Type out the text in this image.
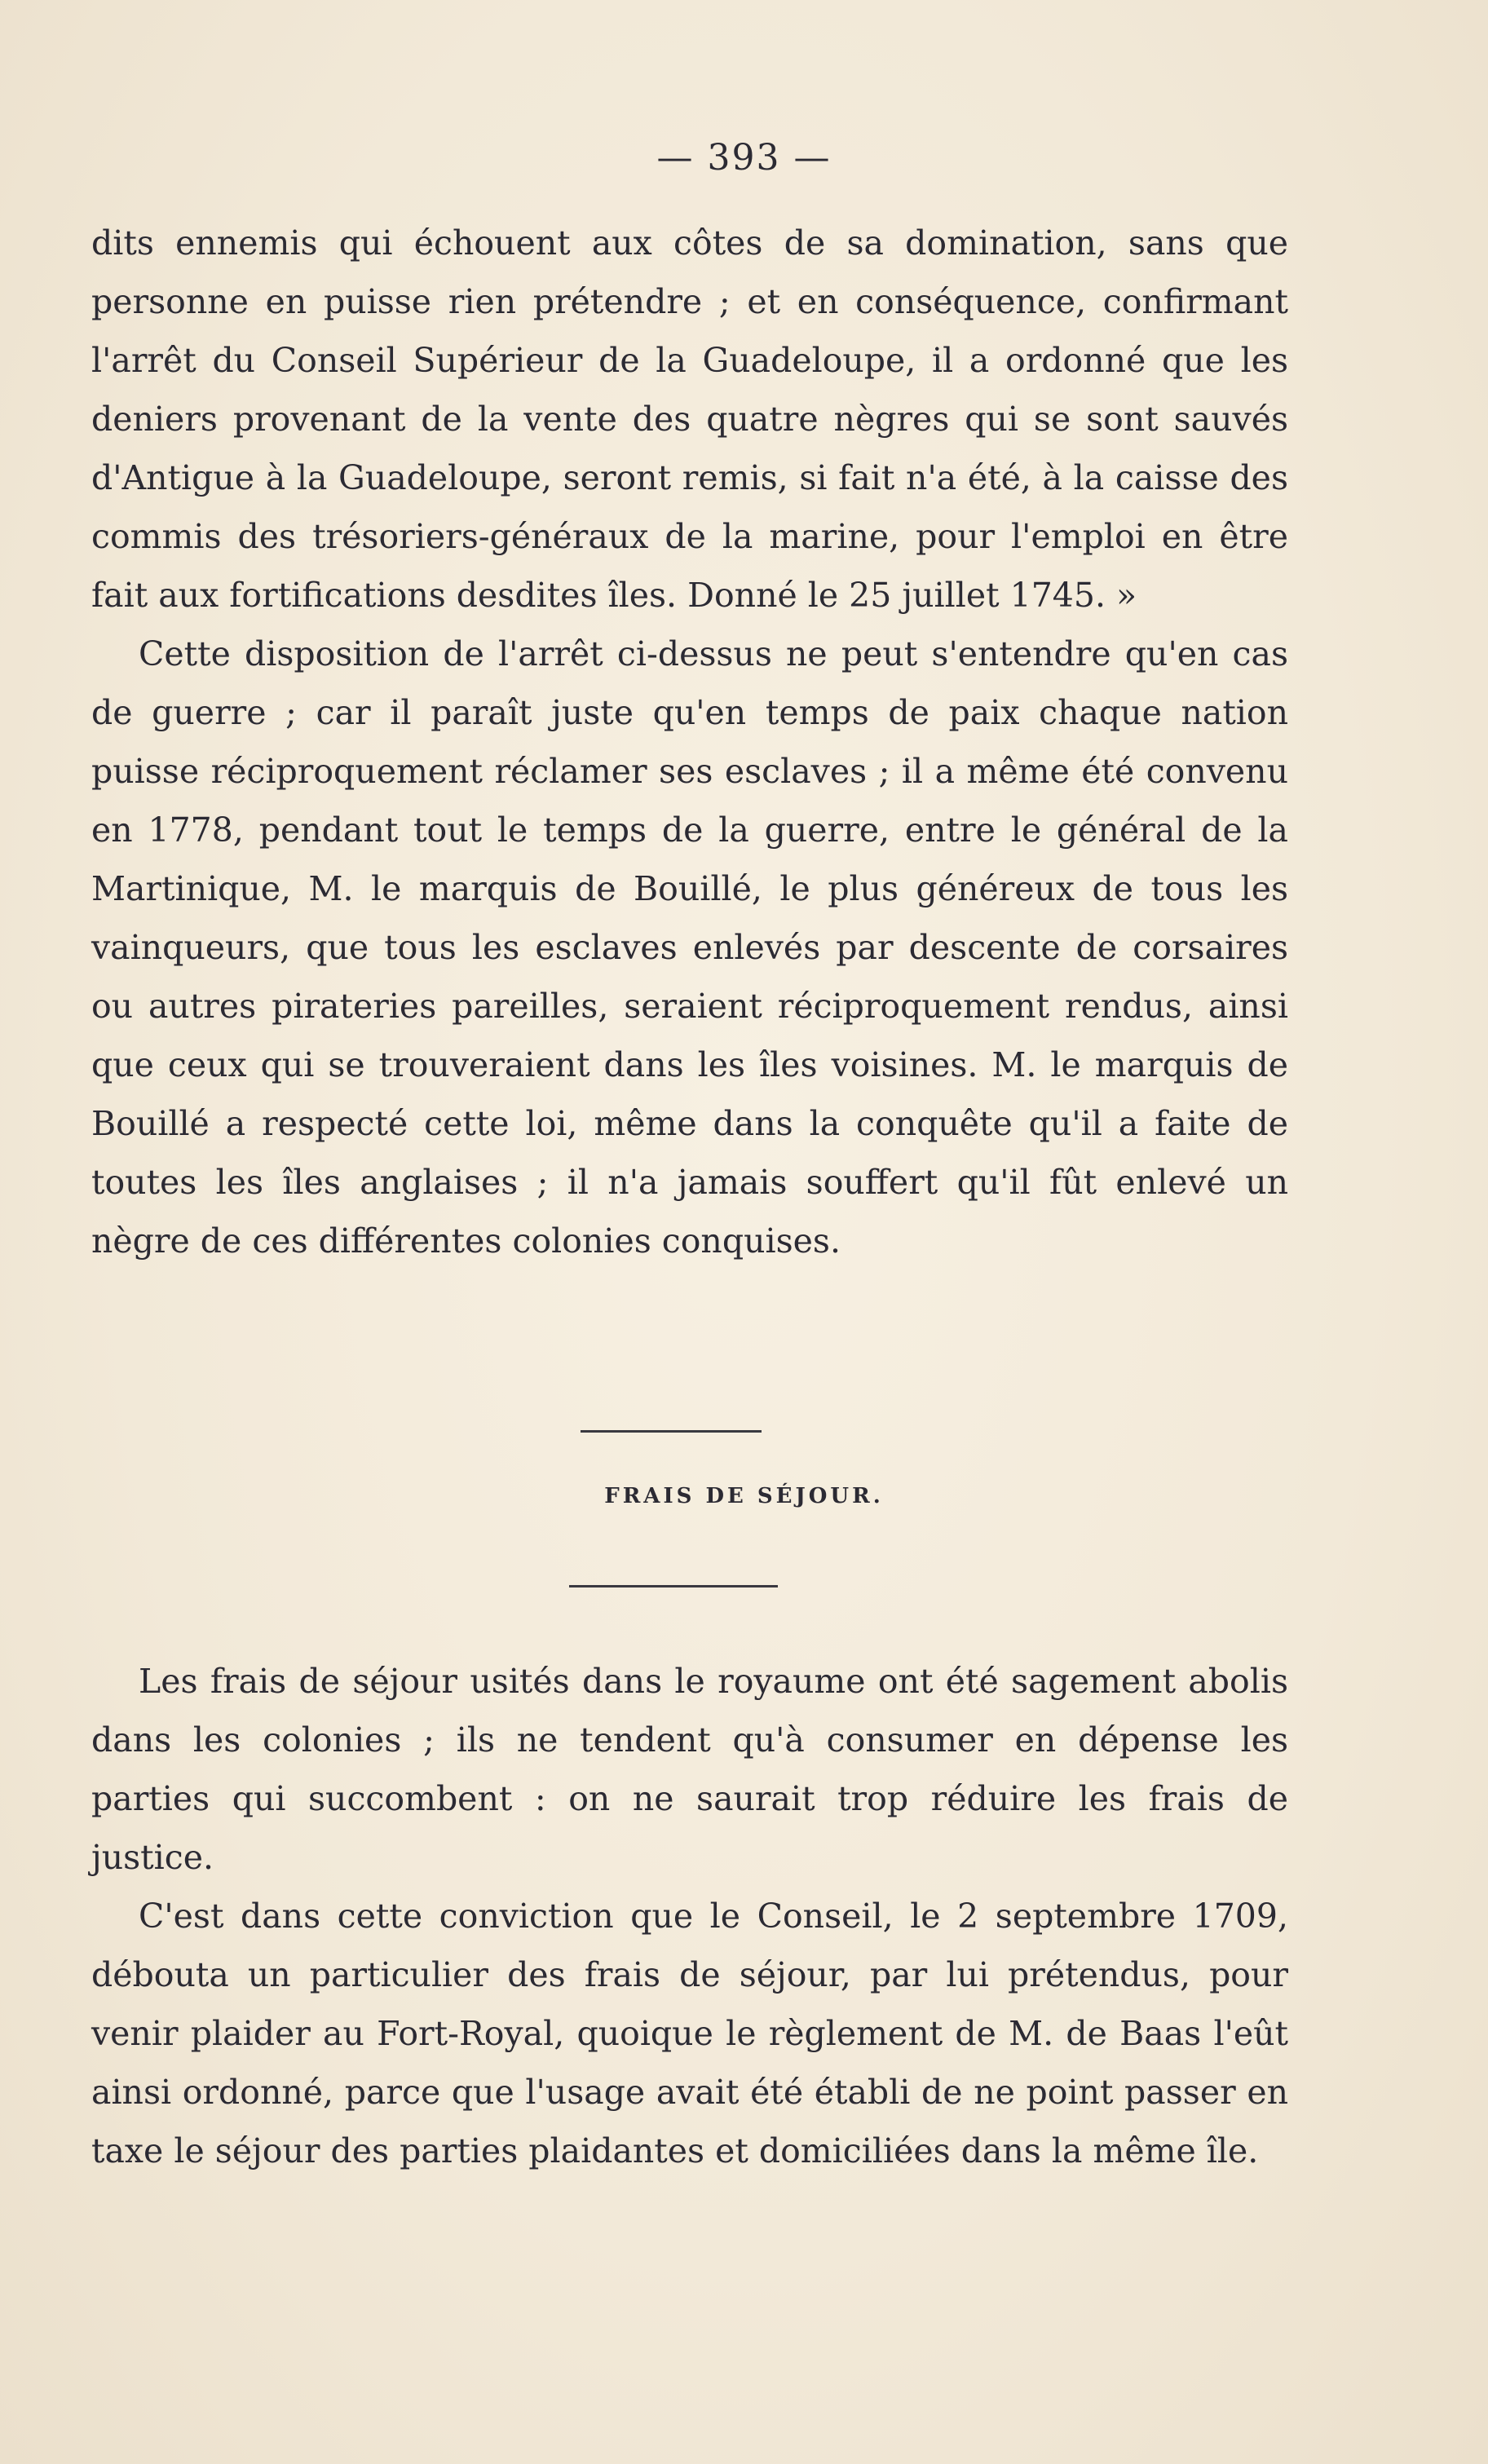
— 393 —

dits ennemis qui échouent aux côtes de sa domination, sans que personne en puisse rien prétendre ; et en conséquence, confirmant l'arrêt du Conseil Supérieur de la Guadeloupe, il a ordonné que les deniers provenant de la vente des quatre nègres qui se sont sauvés d'Antigue à la Guadeloupe, seront remis, si fait n'a été, à la caisse des commis des trésoriers-généraux de la marine, pour l'emploi en être fait aux fortifications desdites îles. Donné le 25 juillet 1745. »

Cette disposition de l'arrêt ci-dessus ne peut s'entendre qu'en cas de guerre ; car il paraît juste qu'en temps de paix chaque nation puisse réciproquement réclamer ses esclaves ; il a même été convenu en 1778, pendant tout le temps de la guerre, entre le général de la Martinique, M. le marquis de Bouillé, le plus généreux de tous les vainqueurs, que tous les esclaves enlevés par descente de corsaires ou autres pirateries pareilles, seraient réciproquement rendus, ainsi que ceux qui se trouveraient dans les îles voisines. M. le marquis de Bouillé a respecté cette loi, même dans la conquête qu'il a faite de toutes les îles anglaises ; il n'a jamais souffert qu'il fût enlevé un nègre de ces différentes colonies conquises.

FRAIS DE SÉJOUR.

Les frais de séjour usités dans le royaume ont été sagement abolis dans les colonies ; ils ne tendent qu'à consumer en dépense les parties qui succombent : on ne saurait trop réduire les frais de justice.

C'est dans cette conviction que le Conseil, le 2 septembre 1709, débouta un particulier des frais de séjour, par lui prétendus, pour venir plaider au Fort-Royal, quoique le règlement de M. de Baas l'eût ainsi ordonné, parce que l'usage avait été établi de ne point passer en taxe le séjour des parties plaidantes et domiciliées dans la même île.
